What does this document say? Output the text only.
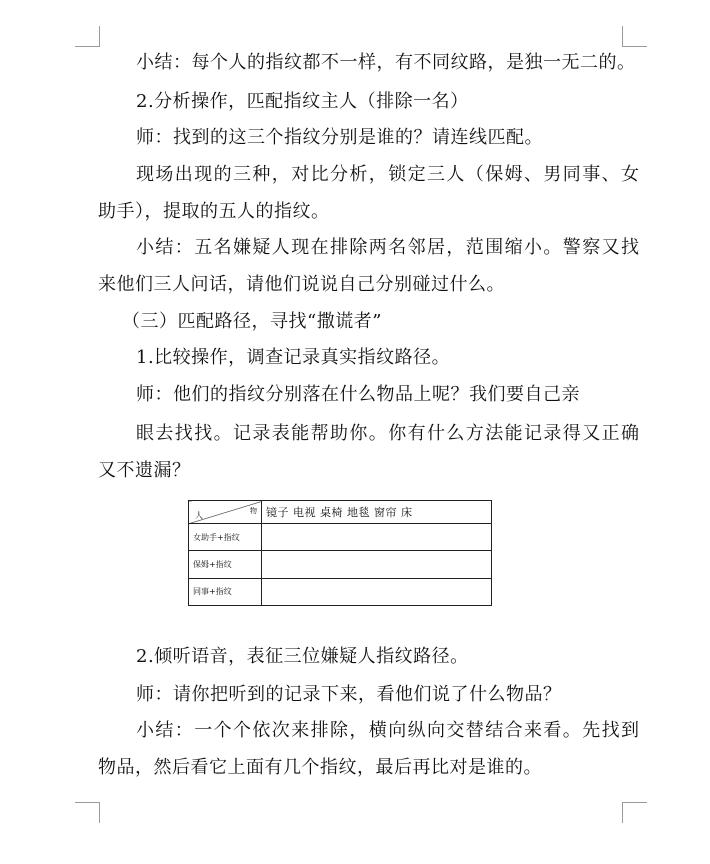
小结：每个人的指纹都不一样，有不同纹路，是独一无二的。
2.分析操作，匹配指纹主人（排除一名）
师：找到的这三个指纹分别是谁的？请连线匹配。
现场出现的三种，对比分析，锁定三人（保姆、男同事、女
助手），提取的五人的指纹。
小结：五名嫌疑人现在排除两名邻居，范围缩小。警察又找
来他们三人问话，请他们说说自己分别碰过什么。
（三）匹配路径，寻找“撒谎者”
1.比较操作，调查记录真实指纹路径。
师：他们的指纹分别落在什么物品上呢？我们要自己亲
眼去找找。记录表能帮助你。你有什么方法能记录得又正确
又不遗漏？
人
物	镜子 电视 桌椅 地毯 窗帘 床
女助手+指纹	
保姆+指纹	
同事+指纹	
2.倾听语音，表征三位嫌疑人指纹路径。
师：请你把听到的记录下来，看他们说了什么物品？
小结：一个个依次来排除，横向纵向交替结合来看。先找到
物品，然后看它上面有几个指纹，最后再比对是谁的。
